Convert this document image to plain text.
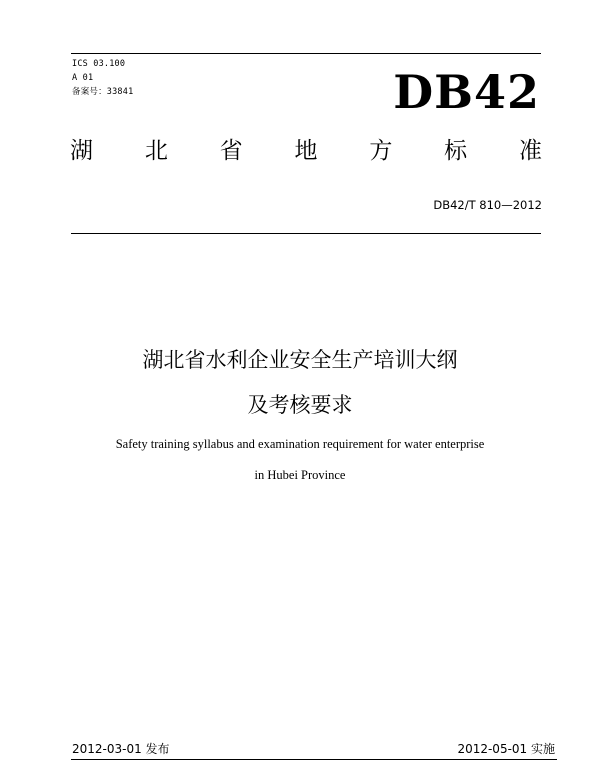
ICS 03.100
A 01
备案号：33841	DB42
湖 北 省 地 方 标 准
DB42/T 810—2012
湖北省水利企业安全生产培训大纲
及考核要求
Safety training syllabus and examination requirement for water enterprise
in Hubei Province
2012-03-01 发布	2012-05-01 实施
